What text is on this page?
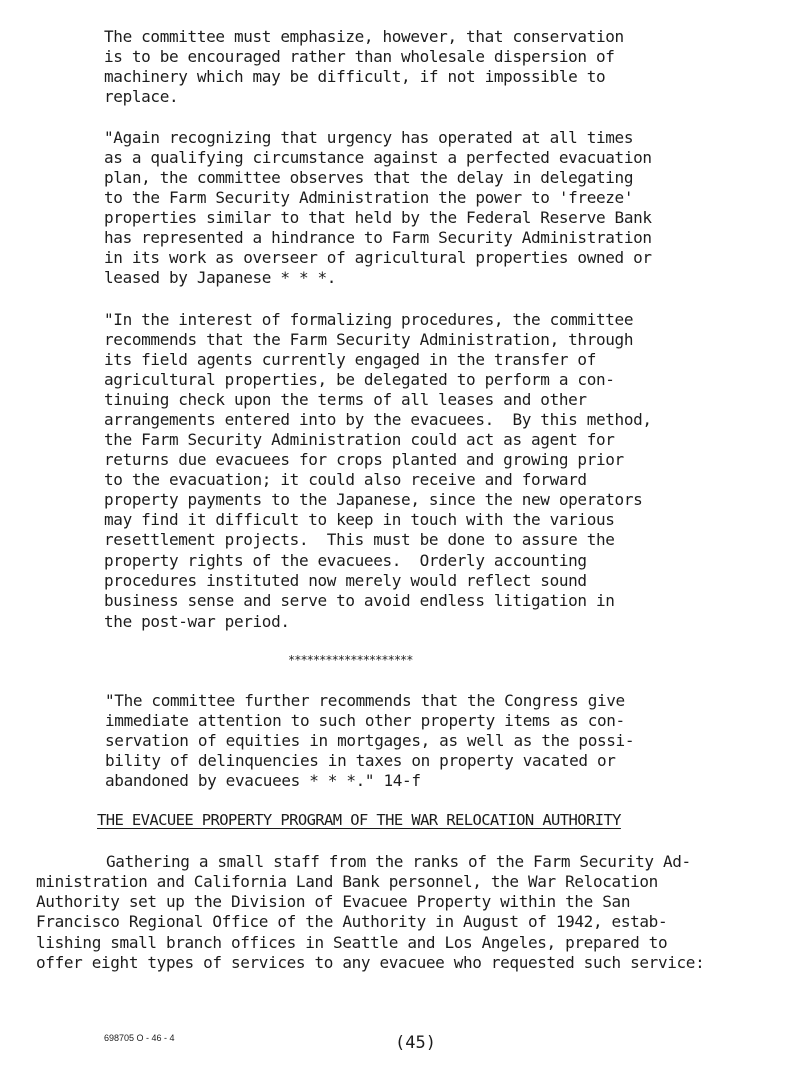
The committee must emphasize, however, that conservation
is to be encouraged rather than wholesale dispersion of
machinery which may be difficult, if not impossible to
replace.
"Again recognizing that urgency has operated at all times
as a qualifying circumstance against a perfected evacuation
plan, the committee observes that the delay in delegating
to the Farm Security Administration the power to 'freeze'
properties similar to that held by the Federal Reserve Bank
has represented a hindrance to Farm Security Administration
in its work as overseer of agricultural properties owned or
leased by Japanese * * *.
"In the interest of formalizing procedures, the committee
recommends that the Farm Security Administration, through
its field agents currently engaged in the transfer of
agricultural properties, be delegated to perform a con-
tinuing check upon the terms of all leases and other
arrangements entered into by the evacuees.  By this method,
the Farm Security Administration could act as agent for
returns due evacuees for crops planted and growing prior
to the evacuation; it could also receive and forward
property payments to the Japanese, since the new operators
may find it difficult to keep in touch with the various
resettlement projects.  This must be done to assure the
property rights of the evacuees.  Orderly accounting
procedures instituted now merely would reflect sound
business sense and serve to avoid endless litigation in
the post-war period.
********************
"The committee further recommends that the Congress give
immediate attention to such other property items as con-
servation of equities in mortgages, as well as the possi-
bility of delinquencies in taxes on property vacated or
abandoned by evacuees * * *." 14-f
THE EVACUEE PROPERTY PROGRAM OF THE WAR RELOCATION AUTHORITY
Gathering a small staff from the ranks of the Farm Security Ad-
ministration and California Land Bank personnel, the War Relocation
Authority set up the Division of Evacuee Property within the San
Francisco Regional Office of the Authority in August of 1942, estab-
lishing small branch offices in Seattle and Los Angeles, prepared to
offer eight types of services to any evacuee who requested such service:
698705 O - 46 - 4	(45)
